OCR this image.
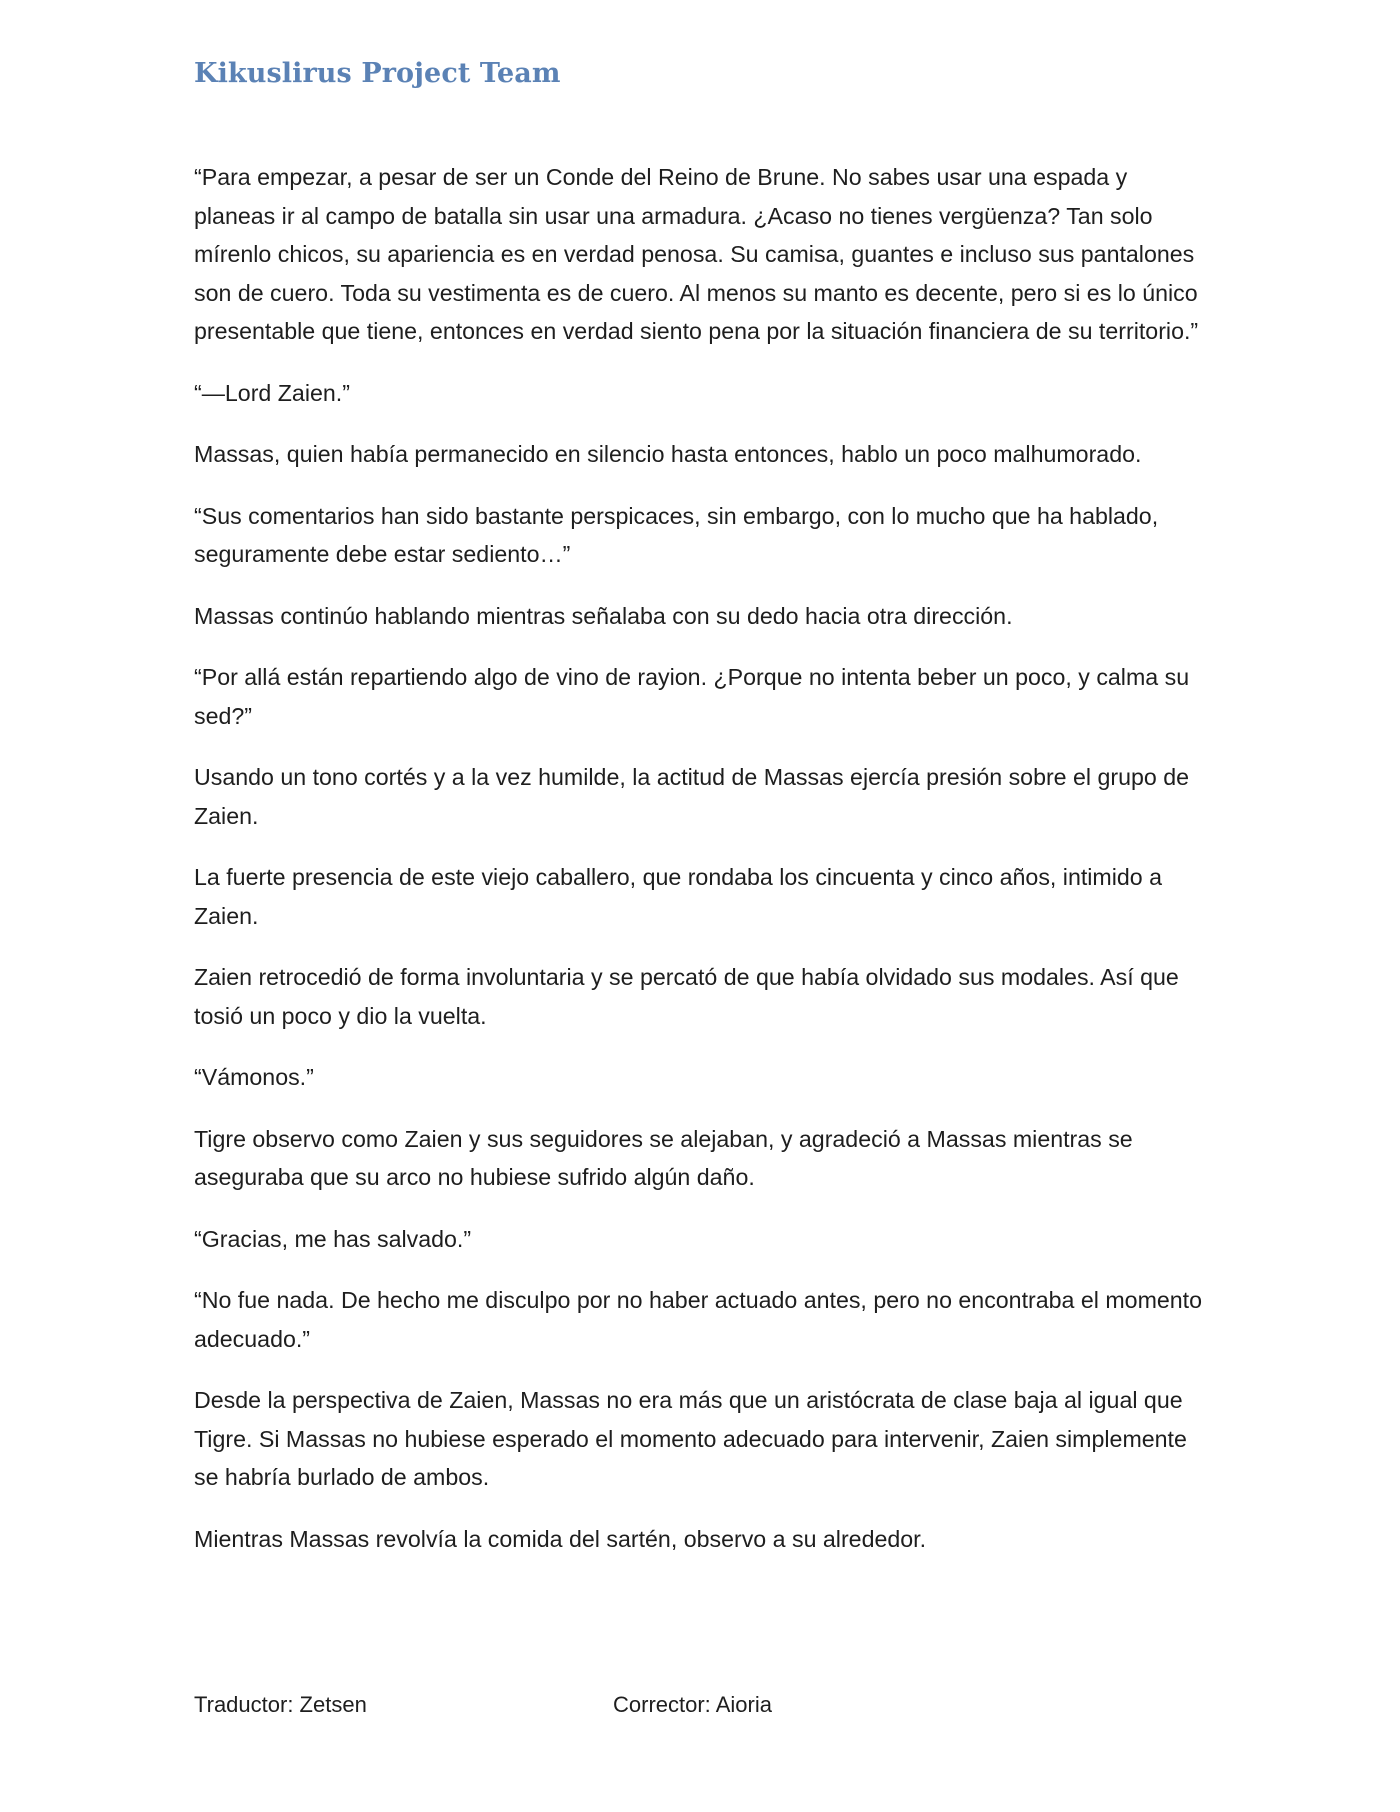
Kikuslirus Project Team

“Para empezar, a pesar de ser un Conde del Reino de Brune. No sabes usar una espada y planeas ir al campo de batalla sin usar una armadura. ¿Acaso no tienes vergüenza? Tan solo mírenlo chicos, su apariencia es en verdad penosa. Su camisa, guantes e incluso sus pantalones son de cuero. Toda su vestimenta es de cuero. Al menos su manto es decente, pero si es lo único presentable que tiene, entonces en verdad siento pena por la situación financiera de su territorio.”

“—Lord Zaien.”

Massas, quien había permanecido en silencio hasta entonces, hablo un poco malhumorado.

“Sus comentarios han sido bastante perspicaces, sin embargo, con lo mucho que ha hablado, seguramente debe estar sediento…”

Massas continúo hablando mientras señalaba con su dedo hacia otra dirección.

“Por allá están repartiendo algo de vino de rayion. ¿Porque no intenta beber un poco, y calma su sed?”

Usando un tono cortés y a la vez humilde, la actitud de Massas ejercía presión sobre el grupo de Zaien.

La fuerte presencia de este viejo caballero, que rondaba los cincuenta y cinco años, intimido a Zaien.

Zaien retrocedió de forma involuntaria y se percató de que había olvidado sus modales. Así que tosió un poco y dio la vuelta.

“Vámonos.”

Tigre observo como Zaien y sus seguidores se alejaban, y agradeció a Massas mientras se aseguraba que su arco no hubiese sufrido algún daño.

“Gracias, me has salvado.”

“No fue nada. De hecho me disculpo por no haber actuado antes, pero no encontraba el momento adecuado.”

Desde la perspectiva de Zaien, Massas no era más que un aristócrata de clase baja al igual que Tigre. Si Massas no hubiese esperado el momento adecuado para intervenir, Zaien simplemente se habría burlado de ambos.

Mientras Massas revolvía la comida del sartén, observo a su alrededor.

Traductor: Zetsen	Corrector: Aioria
